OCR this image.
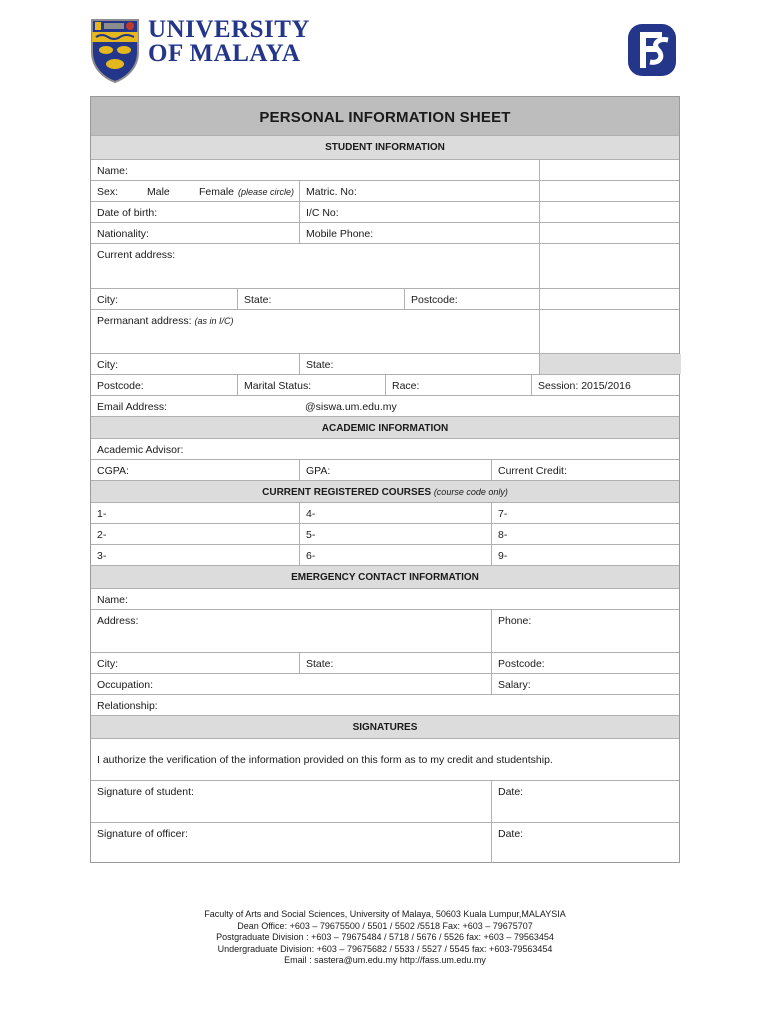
UNIVERSITY
OF MALAYA
PERSONAL INFORMATION SHEET
STUDENT INFORMATION
Name:
Sex:	Male	Female (please circle)	Matric. No:
Date of birth:	I/C No:
Nationality:	Mobile Phone:
Current address:
City:	State:	Postcode:
Permanant address: (as in I/C)
City:	State:
Postcode:	Marital Status:	Race:	Session: 2015/2016
Email Address:	@siswa.um.edu.my
ACADEMIC INFORMATION
Academic Advisor:
CGPA:	GPA:	Current Credit:
CURRENT REGISTERED COURSES (course code only)
1-	4-	7-
2-	5-	8-
3-	6-	9-
EMERGENCY CONTACT INFORMATION
Name:
Address:	Phone:
City:	State:	Postcode:
Occupation:	Salary:
Relationship:
SIGNATURES
I authorize the verification of the information provided on this form as to my credit and studentship.
Signature of student:	Date:
Signature of officer:	Date:
Faculty of Arts and Social Sciences, University of Malaya, 50603 Kuala Lumpur,MALAYSIA
Dean Office: +603 – 79675500 / 5501 / 5502 /5518 Fax: +603 – 79675707
Postgraduate Division : +603 – 79675484 / 5718 / 5676 / 5526 fax: +603 – 79563454
Undergraduate Division: +603 – 79675682 / 5533 / 5527 / 5545 fax: +603-79563454
Email : sastera@um.edu.my http://fass.um.edu.my
